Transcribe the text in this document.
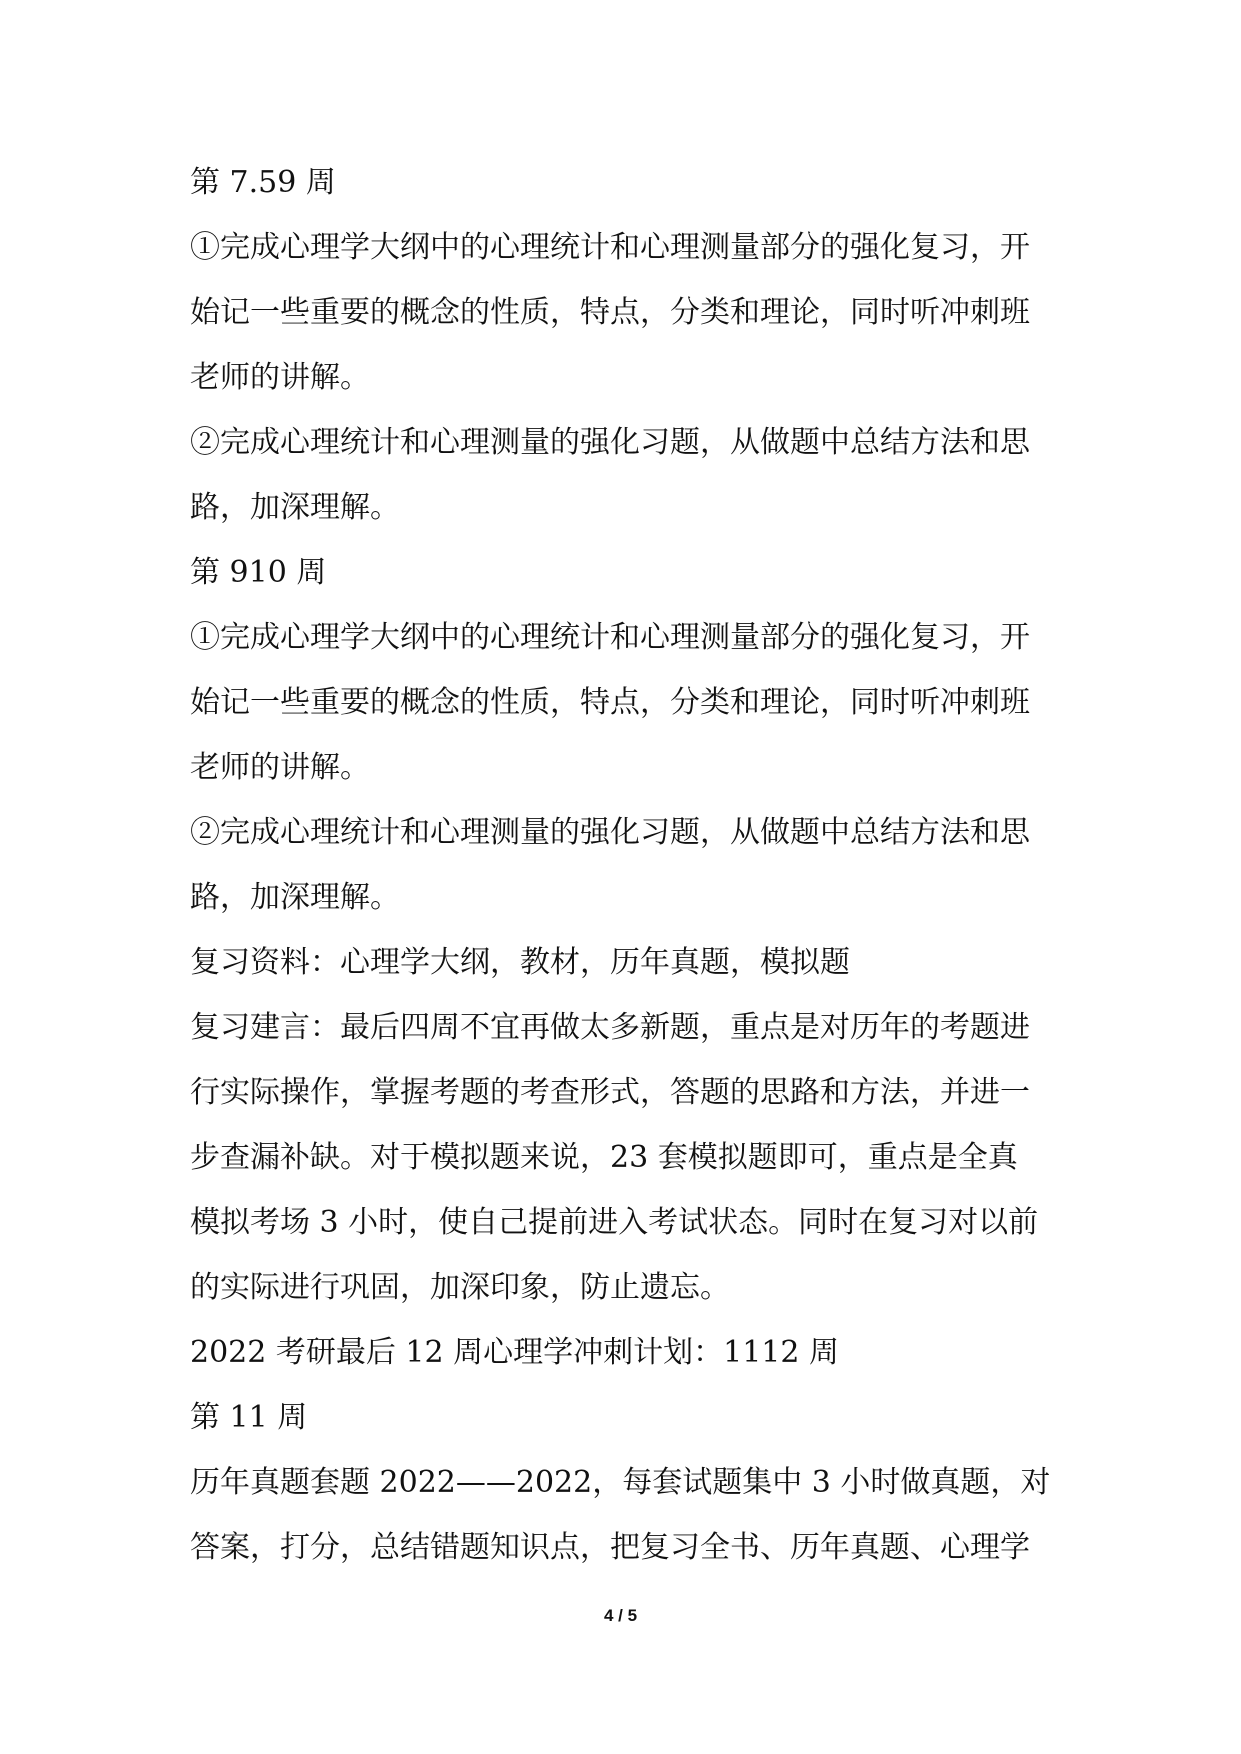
第 7.59 周
①完成心理学大纲中的心理统计和心理测量部分的强化复习，开
始记一些重要的概念的性质，特点，分类和理论，同时听冲刺班
老师的讲解。
②完成心理统计和心理测量的强化习题，从做题中总结方法和思
路，加深理解。
第 910 周
①完成心理学大纲中的心理统计和心理测量部分的强化复习，开
始记一些重要的概念的性质，特点，分类和理论，同时听冲刺班
老师的讲解。
②完成心理统计和心理测量的强化习题，从做题中总结方法和思
路，加深理解。
复习资料：心理学大纲，教材，历年真题，模拟题
复习建言：最后四周不宜再做太多新题，重点是对历年的考题进
行实际操作，掌握考题的考查形式，答题的思路和方法，并进一
步查漏补缺。对于模拟题来说，23 套模拟题即可，重点是全真
模拟考场 3 小时，使自己提前进入考试状态。同时在复习对以前
的实际进行巩固，加深印象，防止遗忘。
2022 考研最后 12 周心理学冲刺计划：1112 周
第 11 周
历年真题套题 2022——2022，每套试题集中 3 小时做真题，对
答案，打分，总结错题知识点，把复习全书、历年真题、心理学
4 / 5
